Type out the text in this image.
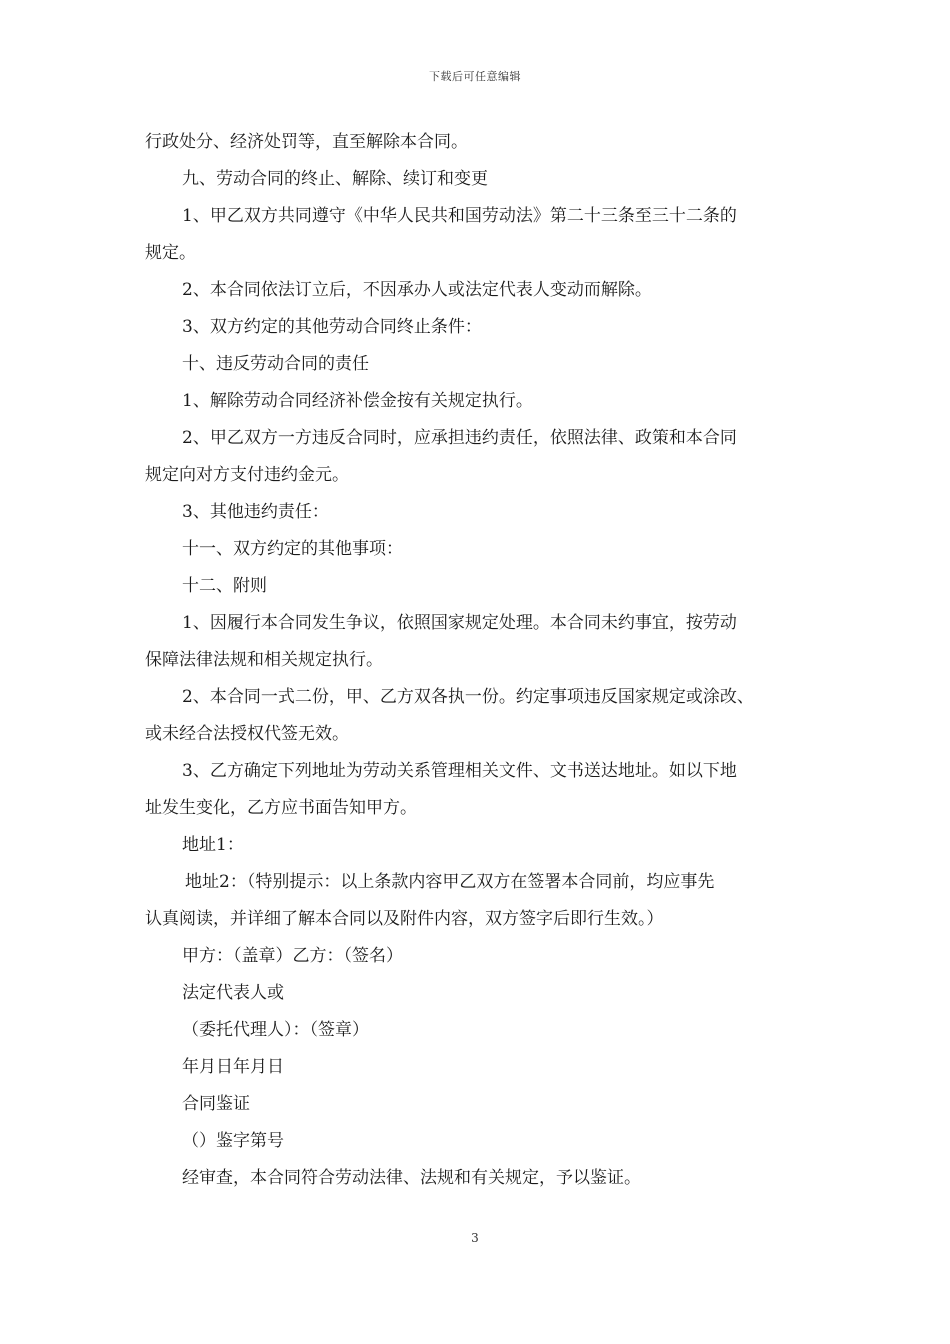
下载后可任意编辑

行政处分、经济处罚等，直至解除本合同。

九、劳动合同的终止、解除、续订和变更

1、甲乙双方共同遵守《中华人民共和国劳动法》第二十三条至三十二条的

规定。

2、本合同依法订立后，不因承办人或法定代表人变动而解除。

3、双方约定的其他劳动合同终止条件：

十、违反劳动合同的责任

1、解除劳动合同经济补偿金按有关规定执行。

2、甲乙双方一方违反合同时，应承担违约责任，依照法律、政策和本合同

规定向对方支付违约金元。

3、其他违约责任：

十一、双方约定的其他事项：

十二、附则

1、因履行本合同发生争议，依照国家规定处理。本合同未约事宜，按劳动

保障法律法规和相关规定执行。

2、本合同一式二份，甲、乙方双各执一份。约定事项违反国家规定或涂改、

或未经合法授权代签无效。

3、乙方确定下列地址为劳动关系管理相关文件、文书送达地址。如以下地

址发生变化，乙方应书面告知甲方。

地址1：

地址2：（特别提示：以上条款内容甲乙双方在签署本合同前，均应事先

认真阅读，并详细了解本合同以及附件内容，双方签字后即行生效。）

甲方：（盖章）乙方：（签名）

法定代表人或

（委托代理人）：（签章）

年月日年月日

合同鉴证

（）鉴字第号

经审查，本合同符合劳动法律、法规和有关规定，予以鉴证。

3
